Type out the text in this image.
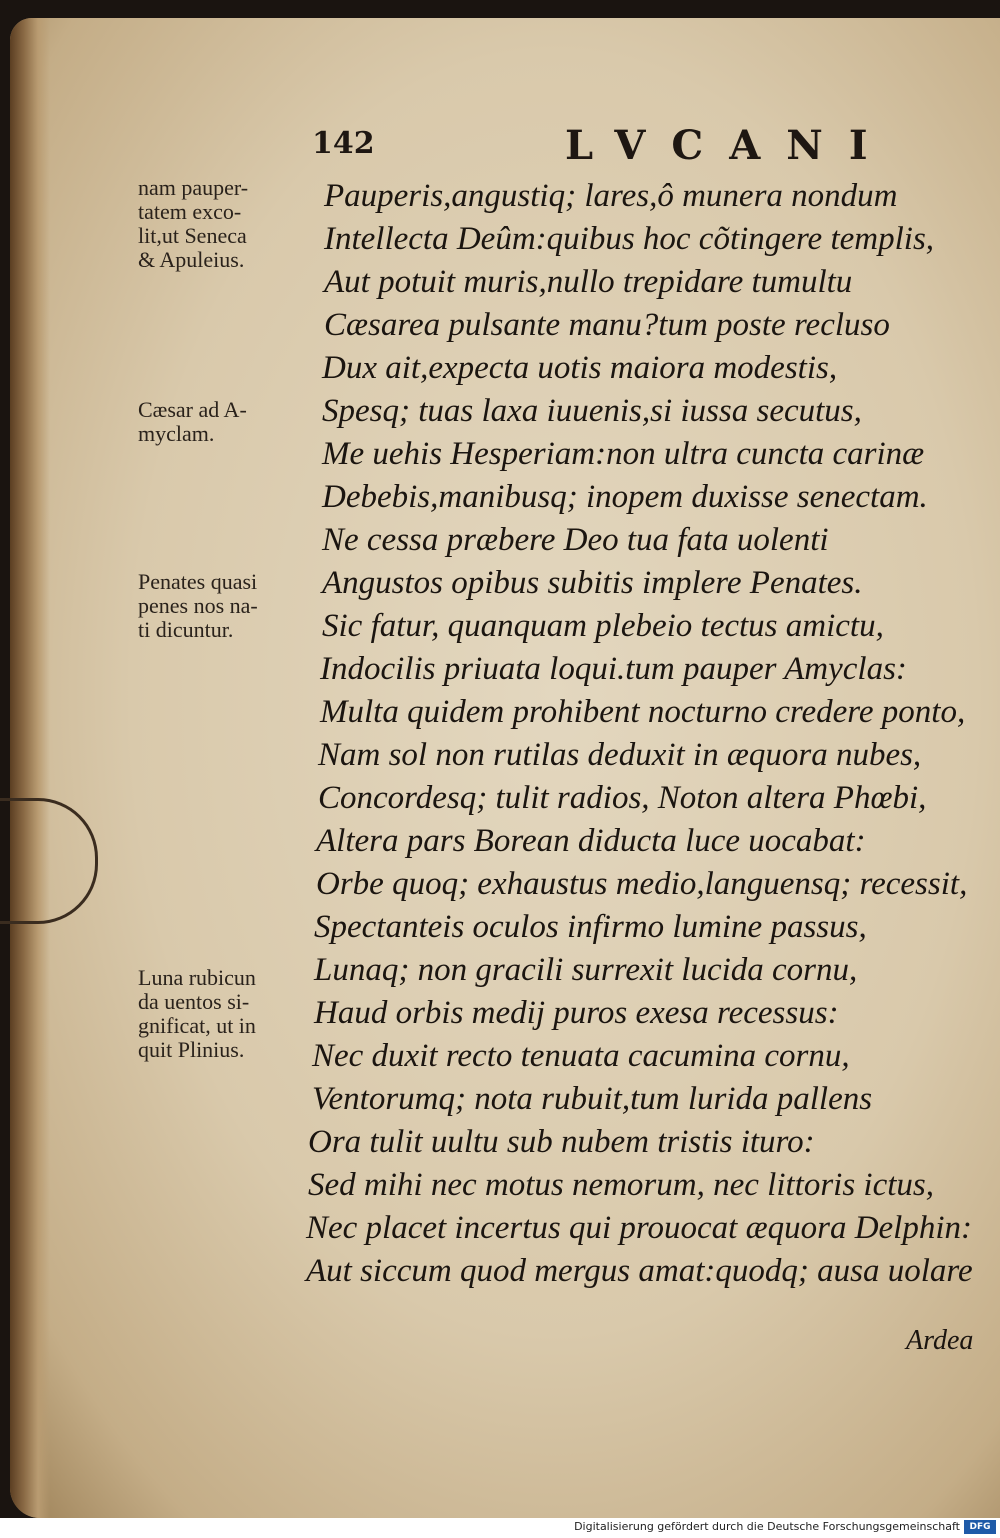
142	LVCANI
nam pauper-
tatem exco-
lit,ut Seneca
& Apuleius.
Cæsar ad A-
myclam.
Penates quasi
penes nos na-
ti dicuntur.
Luna rubicun
da uentos si-
gnificat, ut in
quit Plinius.
Pauperis,angustiq; lares,ô munera nondum
Intellecta Deûm:quibus hoc cõtingere templis,
Aut potuit muris,nullo trepidare tumultu
Cæsarea pulsante manu?tum poste recluso
Dux ait,expecta uotis maiora modestis,
Spesq; tuas laxa iuuenis,si iussa secutus,
Me uehis Hesperiam:non ultra cuncta carinæ
Debebis,manibusq; inopem duxisse senectam.
Ne cessa præbere Deo tua fata uolenti
Angustos opibus subitis implere Penates.
Sic fatur, quanquam plebeio tectus amictu,
Indocilis priuata loqui.tum pauper Amyclas:
Multa quidem prohibent nocturno credere ponto,
Nam sol non rutilas deduxit in æquora nubes,
Concordesq; tulit radios, Noton altera Phœbi,
Altera pars Borean diducta luce uocabat:
Orbe quoq; exhaustus medio,languensq; recessit,
Spectanteis oculos infirmo lumine passus,
Lunaq; non gracili surrexit lucida cornu,
Haud orbis medij puros exesa recessus:
Nec duxit recto tenuata cacumina cornu,
Ventorumq; nota rubuit,tum lurida pallens
Ora tulit uultu sub nubem tristis ituro:
Sed mihi nec motus nemorum, nec littoris ictus,
Nec placet incertus qui prouocat æquora Delphin:
Aut siccum quod mergus amat:quodq; ausa uolare
Ardea
Digitalisierung gefördert durch die Deutsche Forschungsgemeinschaft	DFG
